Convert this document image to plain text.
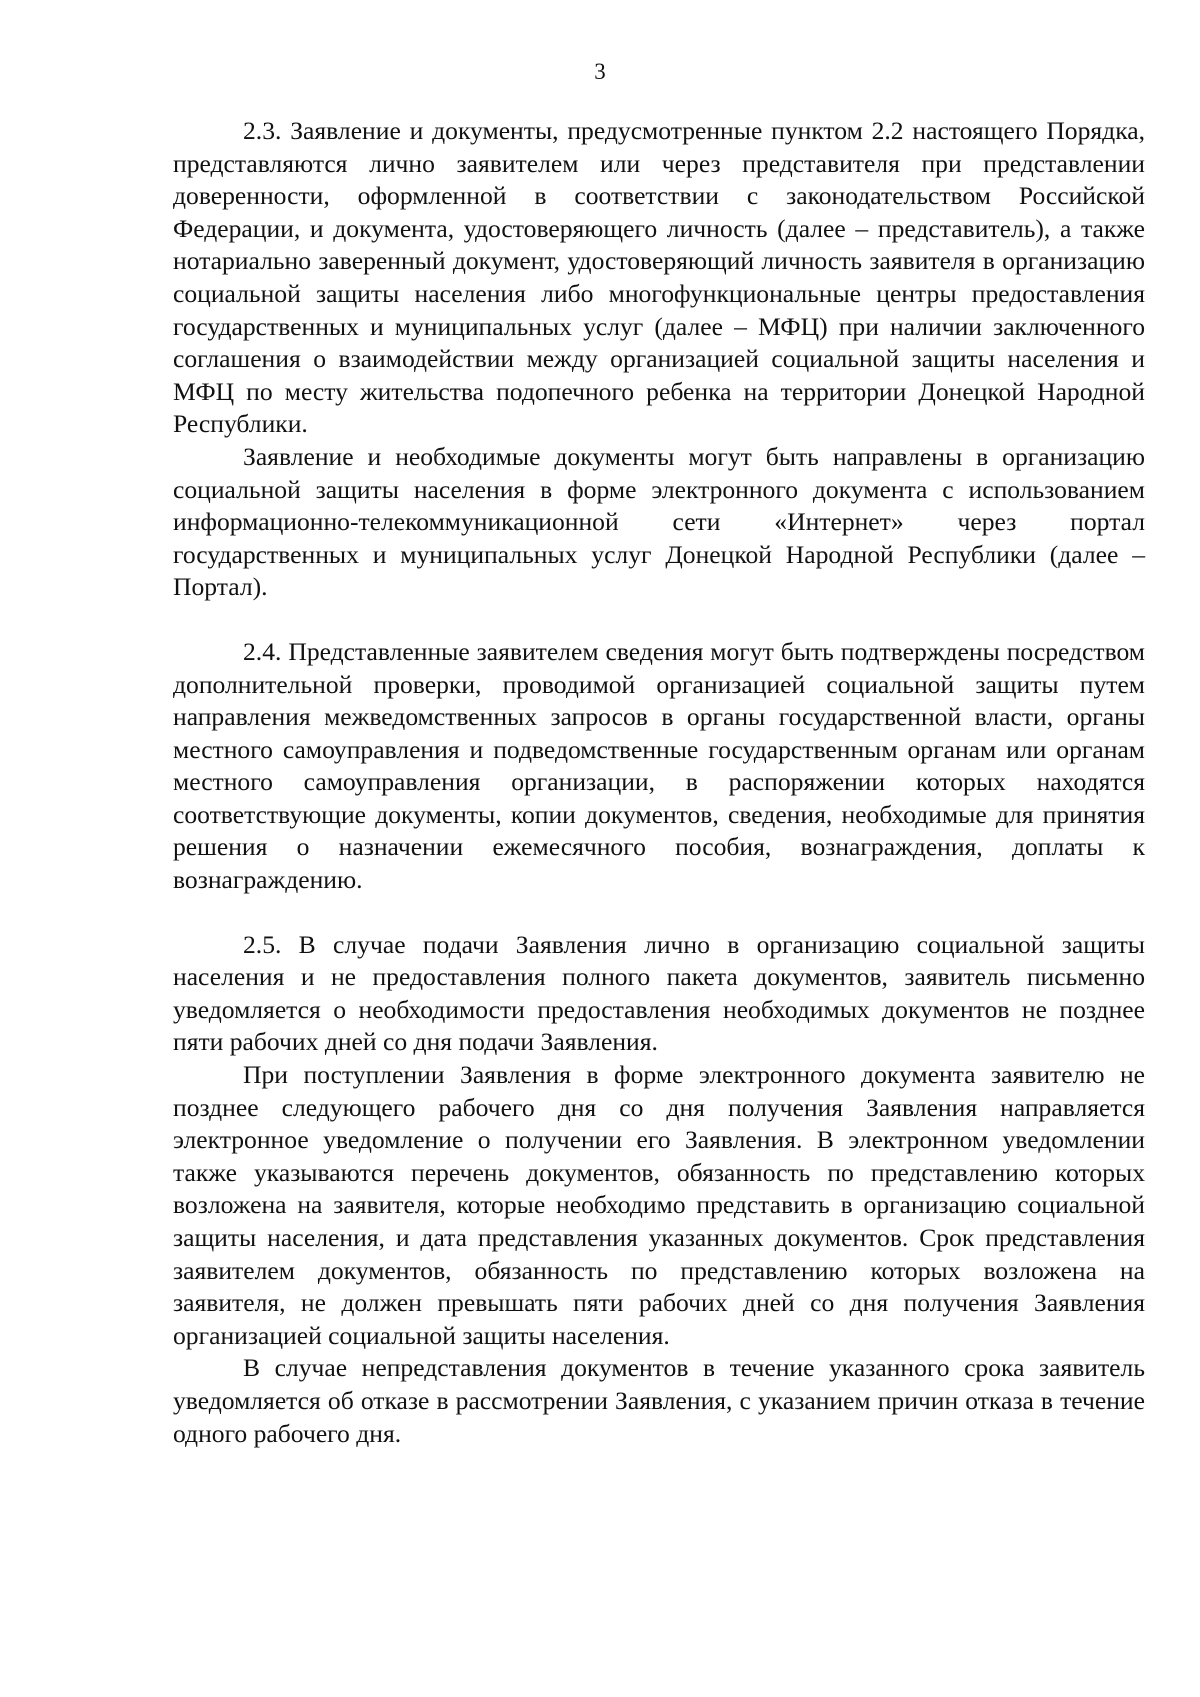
3

2.3. Заявление и документы, предусмотренные пунктом 2.2 настоящего Порядка, представляются лично заявителем или через представителя при представлении доверенности, оформленной в соответствии с законодательством Российской Федерации, и документа, удостоверяющего личность (далее – представитель), а также нотариально заверенный документ, удостоверяющий личность заявителя в организацию социальной защиты населения либо многофункциональные центры предоставления государственных и муниципальных услуг (далее – МФЦ) при наличии заключенного соглашения о взаимодействии между организацией социальной защиты населения и МФЦ по месту жительства подопечного ребенка на территории Донецкой Народной Республики.

Заявление и необходимые документы могут быть направлены в организацию социальной защиты населения в форме электронного документа с использованием информационно-телекоммуникационной сети «Интернет» через портал государственных и муниципальных услуг Донецкой Народной Республики (далее – Портал).

2.4. Представленные заявителем сведения могут быть подтверждены посредством дополнительной проверки, проводимой организацией социальной защиты путем направления межведомственных запросов в органы государственной власти, органы местного самоуправления и подведомственные государственным органам или органам местного самоуправления организации, в распоряжении которых находятся соответствующие документы, копии документов, сведения, необходимые для принятия решения о назначении ежемесячного пособия, вознаграждения, доплаты к вознаграждению.

2.5. В случае подачи Заявления лично в организацию социальной защиты населения и не предоставления полного пакета документов, заявитель письменно уведомляется о необходимости предоставления необходимых документов не позднее пяти рабочих дней со дня подачи Заявления.

При поступлении Заявления в форме электронного документа заявителю не позднее следующего рабочего дня со дня получения Заявления направляется электронное уведомление о получении его Заявления. В электронном уведомлении также указываются перечень документов, обязанность по представлению которых возложена на заявителя, которые необходимо представить в организацию социальной защиты населения, и дата представления указанных документов. Срок представления заявителем документов, обязанность по представлению которых возложена на заявителя, не должен превышать пяти рабочих дней со дня получения Заявления организацией социальной защиты населения.

В случае непредставления документов в течение указанного срока заявитель уведомляется об отказе в рассмотрении Заявления, с указанием причин отказа в течение одного рабочего дня.
